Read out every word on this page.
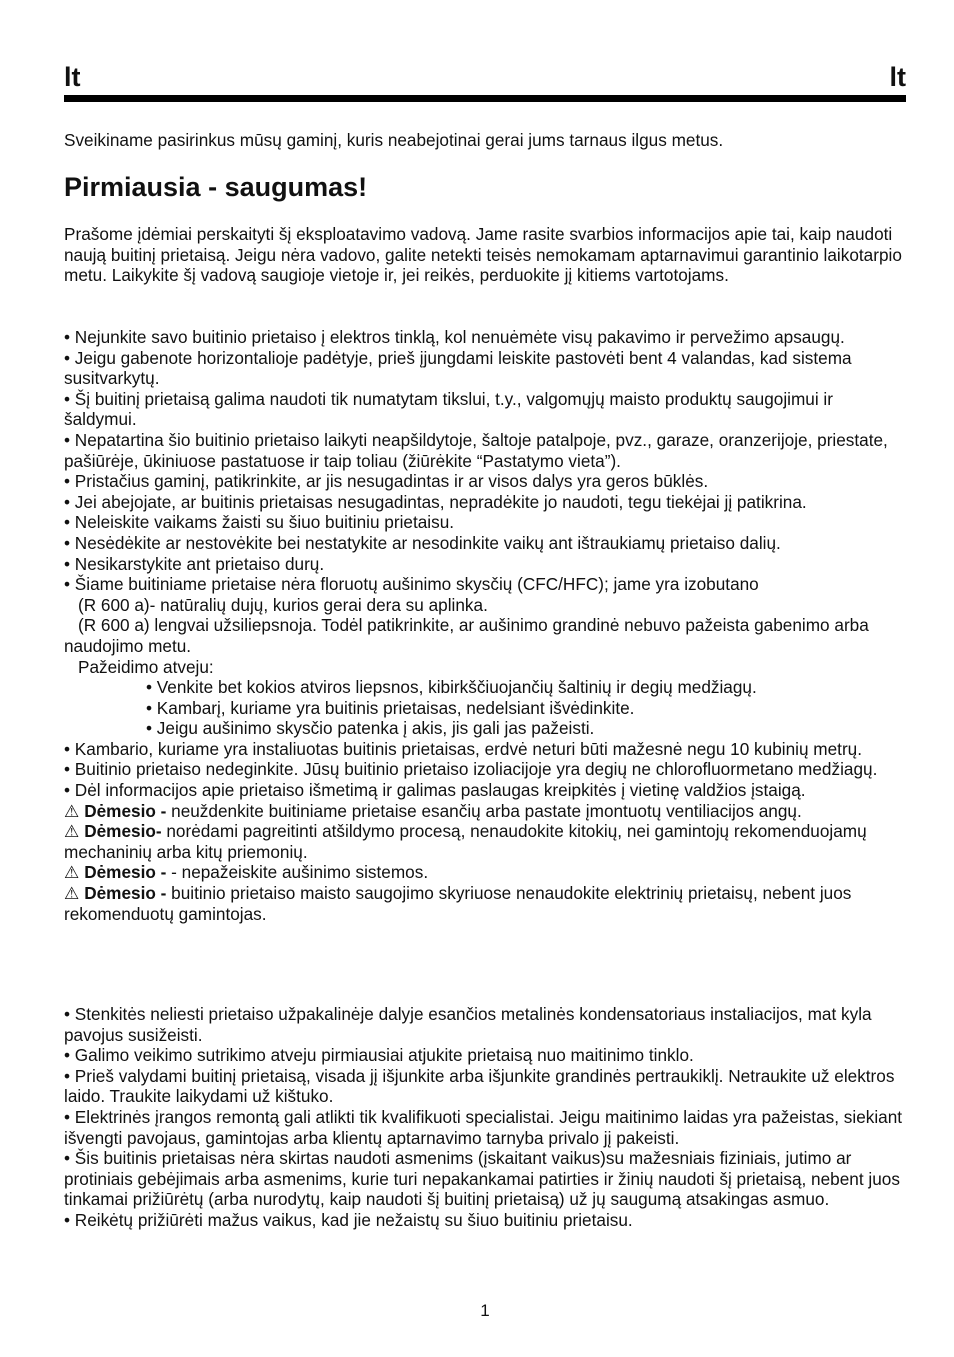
lt	lt

Sveikiname pasirinkus mūsų gaminį, kuris neabejotinai gerai jums tarnaus ilgus metus.

Pirmiausia - saugumas!

Prašome įdėmiai perskaityti šį eksploatavimo vadovą. Jame rasite svarbios informacijos apie tai, kaip naudoti naują buitinį prietaisą. Jeigu nėra vadovo, galite netekti teisės nemokamam aptarnavimui garantinio laikotarpio metu. Laikykite šį vadovą saugioje vietoje ir, jei reikės, perduokite jį kitiems vartotojams.

• Nejunkite savo buitinio prietaiso į elektros tinklą, kol nenuėmėte visų pakavimo ir pervežimo apsaugų.

• Jeigu gabenote horizontalioje padėtyje, prieš įjungdami leiskite pastovėti bent 4 valandas, kad sistema susitvarkytų.

• Šį buitinį prietaisą galima naudoti tik numatytam tikslui, t.y., valgomųjų maisto produktų saugojimui ir šaldymui.

• Nepatartina šio buitinio prietaiso laikyti neapšildytoje, šaltoje patalpoje, pvz., garaze, oranzerijoje, priestate, pašiūrėje, ūkiniuose pastatuose ir taip toliau (žiūrėkite “Pastatymo vieta”).

• Pristačius gaminį, patikrinkite, ar jis nesugadintas ir ar visos dalys yra geros būklės.

• Jei abejojate, ar buitinis prietaisas nesugadintas, nepradėkite jo naudoti, tegu tiekėjai jį patikrina.

• Neleiskite vaikams žaisti su šiuo buitiniu prietaisu.

• Nesėdėkite ar nestovėkite bei nestatykite ar nesodinkite vaikų ant ištraukiamų prietaiso dalių.

• Nesikarstykite ant prietaiso durų.

• Šiame buitiniame prietaise nėra floruotų aušinimo skysčių (CFC/HFC); jame yra izobutano

(R 600 a)- natūralių dujų, kurios gerai dera su aplinka.

(R 600 a) lengvai užsiliepsnoja. Todėl patikrinkite, ar aušinimo grandinė nebuvo pažeista gabenimo arba naudojimo metu.

Pažeidimo atveju:

• Venkite bet kokios atviros liepsnos, kibirkščiuojančių šaltinių ir degių medžiagų.

• Kambarį, kuriame yra buitinis prietaisas, nedelsiant išvėdinkite.

• Jeigu aušinimo skysčio patenka į akis, jis gali jas pažeisti.

• Kambario, kuriame yra instaliuotas buitinis prietaisas, erdvė neturi būti mažesnė negu 10 kubinių metrų.

• Buitinio prietaiso nedeginkite. Jūsų buitinio prietaiso izoliacijoje yra degių ne chlorofluormetano medžiagų.

• Dėl informacijos apie prietaiso išmetimą ir galimas paslaugas kreipkitės į vietinę valdžios įstaigą.

⚠ Dėmesio - neuždenkite buitiniame prietaise esančių arba pastate įmontuotų ventiliacijos angų.

⚠ Dėmesio- norėdami pagreitinti atšildymo procesą, nenaudokite kitokių, nei gamintojų rekomenduojamų mechaninių arba kitų priemonių.

⚠ Dėmesio - - nepažeiskite aušinimo sistemos.

⚠ Dėmesio - buitinio prietaiso maisto saugojimo skyriuose nenaudokite elektrinių prietaisų, nebent juos rekomenduotų gamintojas.

• Stenkitės neliesti prietaiso užpakalinėje dalyje esančios metalinės kondensatoriaus instaliacijos, mat kyla pavojus susižeisti.

• Galimo veikimo sutrikimo atveju pirmiausiai atjukite prietaisą nuo maitinimo tinklo.

• Prieš valydami buitinį prietaisą, visada jį išjunkite arba išjunkite grandinės pertraukiklį. Netraukite už elektros laido. Traukite laikydami už kištuko.

• Elektrinės įrangos remontą gali atlikti tik kvalifikuoti specialistai. Jeigu maitinimo laidas yra pažeistas, siekiant išvengti pavojaus, gamintojas arba klientų aptarnavimo tarnyba privalo jį pakeisti.

• Šis buitinis prietaisas nėra skirtas naudoti asmenims (įskaitant vaikus)su mažesniais fiziniais, jutimo ar protiniais gebėjimais arba asmenims, kurie turi nepakankamai patirties ir žinių naudoti šį prietaisą, nebent juos tinkamai prižiūrėtų (arba nurodytų, kaip naudoti šį buitinį prietaisą) už jų saugumą atsakingas asmuo.

• Reikėtų prižiūrėti mažus vaikus, kad jie nežaistų su šiuo buitiniu prietaisu.

1
